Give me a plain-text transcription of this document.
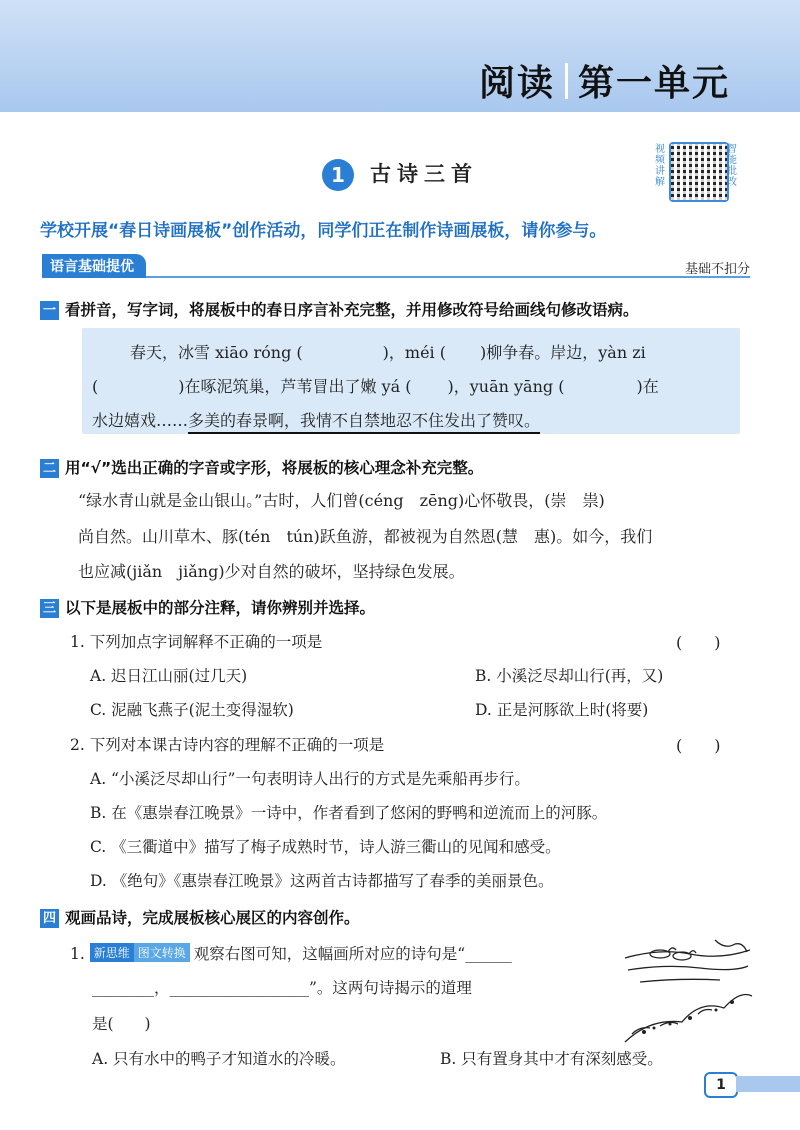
阅读 第一单元
1 古诗三首
视频讲解
智能批改
学校开展“春日诗画展板”创作活动，同学们正在制作诗画展板，请你参与。
语言基础提优	基础不扣分
一 看拼音，写字词，将展板中的春日序言补充完整，并用修改符号给画线句修改语病。
春天，冰雪 xiāo róng (	)，méi ( )柳争春。岸边，yàn zi
(	)在啄泥筑巢，芦苇冒出了嫩 yá ( )，yuān yāng (	)在
水边嬉戏……多美的春景啊，我情不自禁地忍不住发出了赞叹。
二 用“√”选出正确的字音或字形，将展板的核心理念补充完整。
“绿水青山就是金山银山。”古时，人们曾(céng　zēng)心怀敬畏，(崇　祟)
尚自然。山川草木、豚(tén　tún)跃鱼游，都被视为自然恩(慧　惠)。如今，我们
也应减(jiǎn　jiǎng)少对自然的破坏，坚持绿色发展。
三 以下是展板中的部分注释，请你辨别并选择。
1. 下列加点字词解释不正确的一项是	(　　)
A. 迟日江山丽(过几天)	B. 小溪泛尽却山行(再，又)
C. 泥融飞燕子(泥土变得湿软)	D. 正是河豚欲上时(将要)
2. 下列对本课古诗内容的理解不正确的一项是	(　　)
A. “小溪泛尽却山行”一句表明诗人出行的方式是先乘船再步行。
B. 在《惠崇春江晚景》一诗中，作者看到了悠闲的野鸭和逆流而上的河豚。
C. 《三衢道中》描写了梅子成熟时节，诗人游三衢山的见闻和感受。
D. 《绝句》《惠崇春江晚景》这两首古诗都描写了春季的美丽景色。
四 观画品诗，完成展板核心展区的内容创作。
1. 新思维 图文转换 观察右图可知，这幅画所对应的诗句是“______
________，__________________”。这两句诗揭示的道理
是(　　)
A. 只有水中的鸭子才知道水的冷暖。	B. 只有置身其中才有深刻感受。
1
